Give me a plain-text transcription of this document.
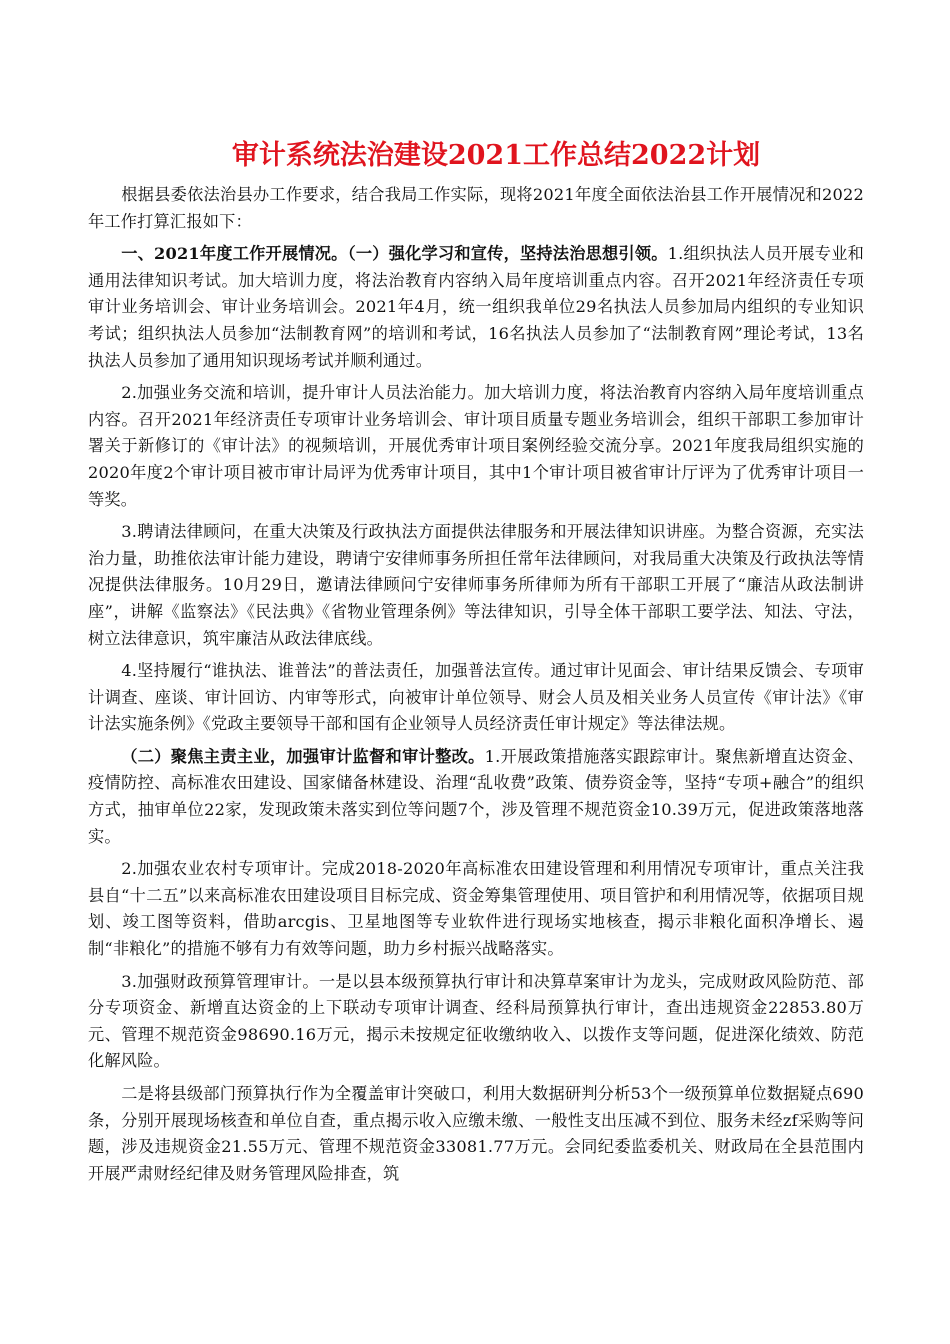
审计系统法治建设2021工作总结2022计划

根据县委依法治县办工作要求，结合我局工作实际，现将2021年度全面依法治县工作开展情况和2022年工作打算汇报如下：

一、2021年度工作开展情况。（一）强化学习和宣传，坚持法治思想引领。1.组织执法人员开展专业和通用法律知识考试。加大培训力度，将法治教育内容纳入局年度培训重点内容。召开2021年经济责任专项审计业务培训会、审计业务培训会。2021年4月，统一组织我单位29名执法人员参加局内组织的专业知识考试；组织执法人员参加“法制教育网”的培训和考试，16名执法人员参加了“法制教育网”理论考试，13名执法人员参加了通用知识现场考试并顺利通过。

2.加强业务交流和培训，提升审计人员法治能力。加大培训力度，将法治教育内容纳入局年度培训重点内容。召开2021年经济责任专项审计业务培训会、审计项目质量专题业务培训会，组织干部职工参加审计署关于新修订的《审计法》的视频培训，开展优秀审计项目案例经验交流分享。2021年度我局组织实施的2020年度2个审计项目被市审计局评为优秀审计项目，其中1个审计项目被省审计厅评为了优秀审计项目一等奖。

3.聘请法律顾问，在重大决策及行政执法方面提供法律服务和开展法律知识讲座。为整合资源，充实法治力量，助推依法审计能力建设，聘请宁安律师事务所担任常年法律顾问，对我局重大决策及行政执法等情况提供法律服务。10月29日，邀请法律顾问宁安律师事务所律师为所有干部职工开展了“廉洁从政法制讲座”，讲解《监察法》《民法典》《省物业管理条例》等法律知识，引导全体干部职工要学法、知法、守法，树立法律意识，筑牢廉洁从政法律底线。

4.坚持履行“谁执法、谁普法”的普法责任，加强普法宣传。通过审计见面会、审计结果反馈会、专项审计调查、座谈、审计回访、内审等形式，向被审计单位领导、财会人员及相关业务人员宣传《审计法》《审计法实施条例》《党政主要领导干部和国有企业领导人员经济责任审计规定》等法律法规。

（二）聚焦主责主业，加强审计监督和审计整改。1.开展政策措施落实跟踪审计。聚焦新增直达资金、疫情防控、高标准农田建设、国家储备林建设、治理“乱收费”政策、债券资金等，坚持“专项+融合”的组织方式，抽审单位22家，发现政策未落实到位等问题7个，涉及管理不规范资金10.39万元，促进政策落地落实。

2.加强农业农村专项审计。完成2018-2020年高标准农田建设管理和利用情况专项审计，重点关注我县自“十二五”以来高标准农田建设项目目标完成、资金筹集管理使用、项目管护和利用情况等，依据项目规划、竣工图等资料，借助arcgis、卫星地图等专业软件进行现场实地核查，揭示非粮化面积净增长、遏制“非粮化”的措施不够有力有效等问题，助力乡村振兴战略落实。

3.加强财政预算管理审计。一是以县本级预算执行审计和决算草案审计为龙头，完成财政风险防范、部分专项资金、新增直达资金的上下联动专项审计调查、经科局预算执行审计，查出违规资金22853.80万元、管理不规范资金98690.16万元，揭示未按规定征收缴纳收入、以拨作支等问题，促进深化绩效、防范化解风险。

二是将县级部门预算执行作为全覆盖审计突破口，利用大数据研判分析53个一级预算单位数据疑点690条，分别开展现场核查和单位自查，重点揭示收入应缴未缴、一般性支出压减不到位、服务未经zf采购等问题，涉及违规资金21.55万元、管理不规范资金33081.77万元。会同纪委监委机关、财政局在全县范围内开展严肃财经纪律及财务管理风险排查，筑
